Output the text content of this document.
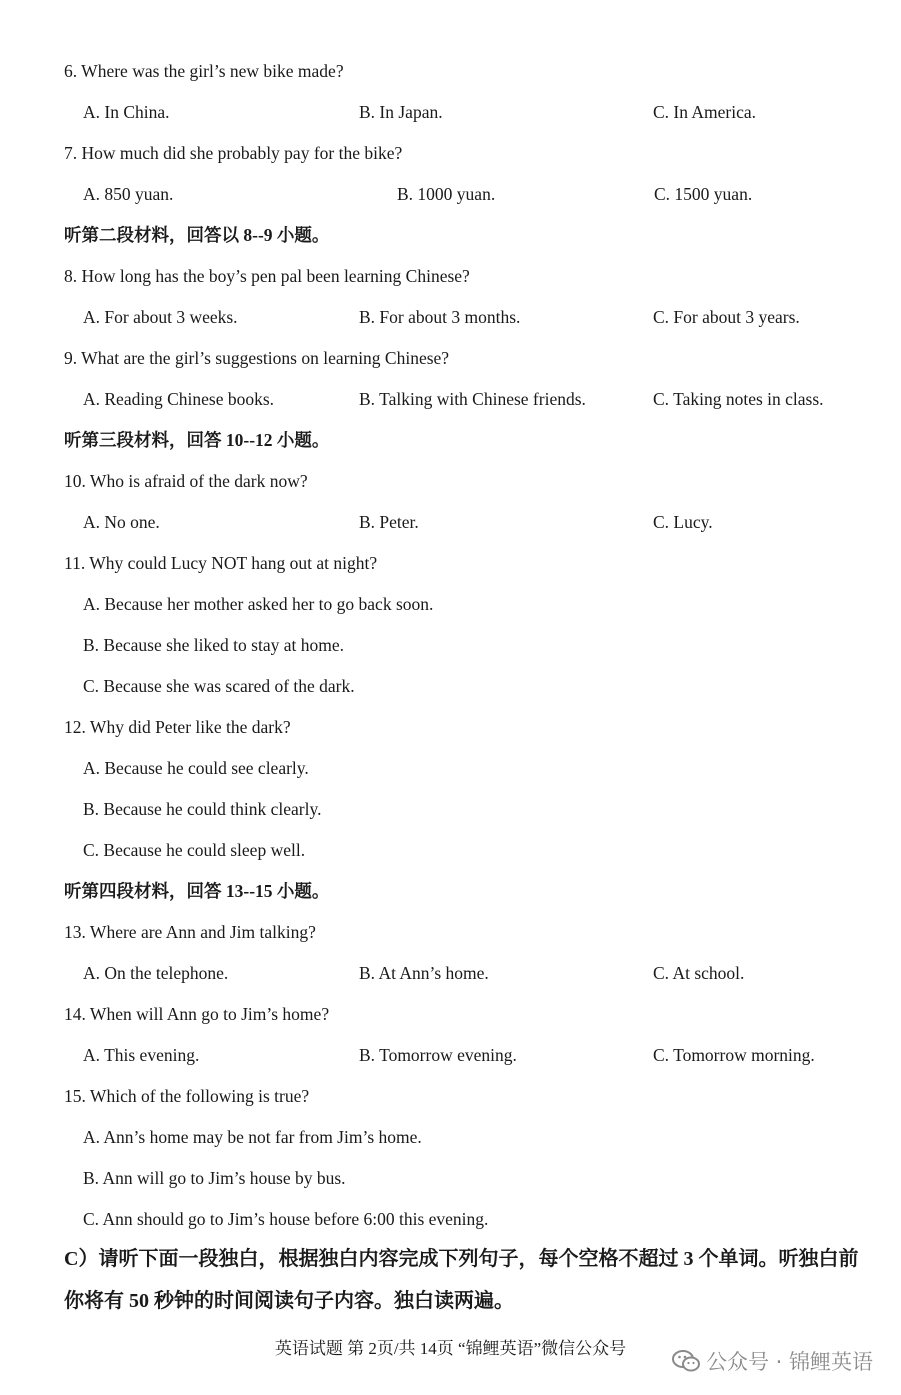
6. Where was the girl’s new bike made?
A. In China.	B. In Japan.	C. In America.
7. How much did she probably pay for the bike?
A. 850 yuan.	B. 1000 yuan.	C. 1500 yuan.
听第二段材料，回答以 8--9 小题。
8. How long has the boy’s pen pal been learning Chinese?
A. For about 3 weeks.	B. For about 3 months.	C. For about 3 years.
9. What are the girl’s suggestions on learning Chinese?
A. Reading Chinese books.	B. Talking with Chinese friends.	C. Taking notes in class.
听第三段材料，回答 10--12 小题。
10. Who is afraid of the dark now?
A. No one.	B. Peter.	C. Lucy.
11. Why could Lucy NOT hang out at night?
A. Because her mother asked her to go back soon.
B. Because she liked to stay at home.
C. Because she was scared of the dark.
12. Why did Peter like the dark?
A. Because he could see clearly.
B. Because he could think clearly.
C. Because he could sleep well.
听第四段材料，回答 13--15 小题。
13. Where are Ann and Jim talking?
A. On the telephone.	B. At Ann’s home.	C. At school.
14. When will Ann go to Jim’s home?
A. This evening.	B. Tomorrow evening.	C. Tomorrow morning.
15. Which of the following is true?
A. Ann’s home may be not far from Jim’s home.
B. Ann will go to Jim’s house by bus.
C. Ann should go to Jim’s house before 6:00 this evening.
C）请听下面一段独白，根据独白内容完成下列句子，每个空格不超过 3 个单词。听独白前你将有 50 秒钟的时间阅读句子内容。独白读两遍。
英语试题 第 2页/共 14页 “锦鲤英语”微信公众号
公众号 · 锦鲤英语
